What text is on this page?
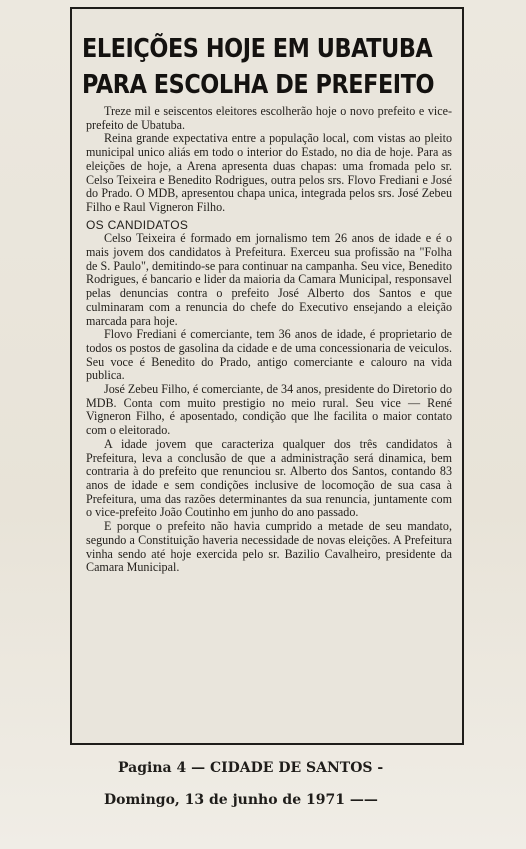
ELEIÇÕES HOJE EM UBATUBA
PARA ESCOLHA DE PREFEITO

Treze mil e seiscentos eleitores escolherão hoje o novo prefeito e vice-prefeito de Ubatuba.

Reina grande expectativa entre a população local, com vistas ao pleito municipal unico aliás em todo o interior do Estado, no dia de hoje. Para as eleições de hoje, a Arena apresenta duas chapas: uma fromada pelo sr. Celso Teixeira e Benedito Rodrigues, outra pelos srs. Flovo Frediani e José do Prado. O MDB, apresentou chapa unica, integrada pelos srs. José Zebeu Filho e Raul Vigneron Filho.

OS CANDIDATOS

Celso Teixeira é formado em jornalismo tem 26 anos de idade e é o mais jovem dos candidatos à Prefeitura. Exerceu sua profissão na "Folha de S. Paulo", demitindo-se para continuar na campanha. Seu vice, Benedito Rodrigues, é bancario e lider da maioria da Camara Municipal, responsavel pelas denuncias contra o prefeito José Alberto dos Santos e que culminaram com a renuncia do chefe do Executivo ensejando a eleição marcada para hoje.

Flovo Frediani é comerciante, tem 36 anos de idade, é proprietario de todos os postos de gasolina da cidade e de uma concessionaria de veiculos. Seu voce é Benedito do Prado, antigo comerciante e calouro na vida publica.

José Zebeu Filho, é comerciante, de 34 anos, presidente do Diretorio do MDB. Conta com muito prestigio no meio rural. Seu vice — René Vigneron Filho, é aposentado, condição que lhe facilita o maior contato com o eleitorado.

A idade jovem que caracteriza qualquer dos três candidatos à Prefeitura, leva a conclusão de que a administração será dinamica, bem contraria à do prefeito que renunciou sr. Alberto dos Santos, contando 83 anos de idade e sem condições inclusive de locomoção de sua casa à Prefeitura, uma das razões determinantes da sua renuncia, juntamente com o vice-prefeito João Coutinho em junho do ano passado.

E porque o prefeito não havia cumprido a metade de seu mandato, segundo a Constituição haveria necessidade de novas eleições. A Prefeitura vinha sendo até hoje exercida pelo sr. Bazilio Cavalheiro, presidente da Camara Municipal.

Pagina 4 — CIDADE DE SANTOS -
Domingo, 13 de junho de 1971 ——
